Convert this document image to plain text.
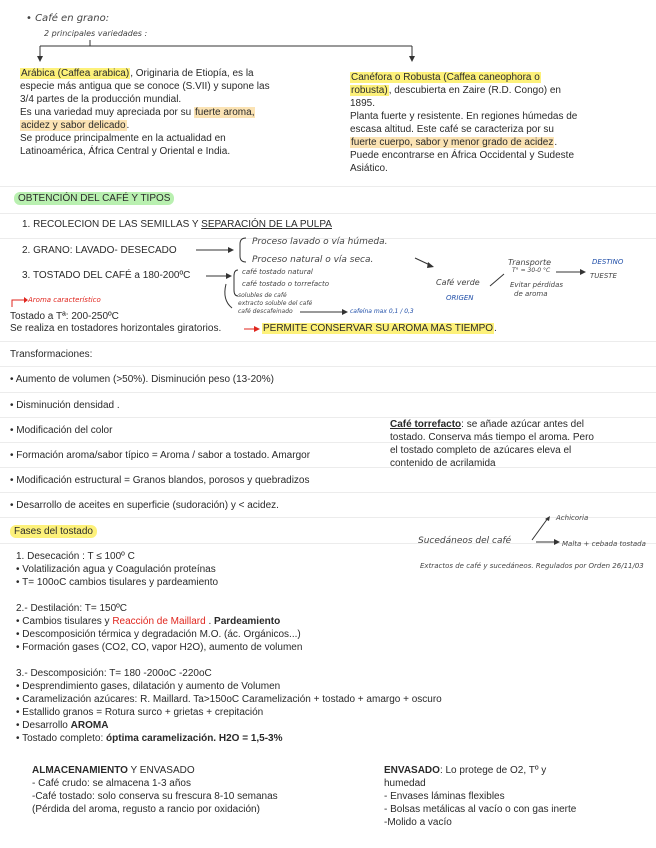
• Café en grano:
2 principales variedades :
Arábica (Caffea arabica), Originaria de Etiopía, es la
especie más antigua que se conoce (S.VII) y supone las
3/4 partes de la producción mundial.
Es una variedad muy apreciada por su fuerte aroma,
acidez y sabor delicado.
Se produce principalmente en la actualidad en
Latinoamérica, África Central y Oriental e India.
Canéfora o Robusta (Caffea caneophora o
robusta), descubierta en Zaire (R.D. Congo) en
1895.
Planta fuerte y resistente. En regiones húmedas de
escasa altitud. Este café se caracteriza por su
fuerte cuerpo, sabor y menor grado de acidez.
Puede encontrarse en África Occidental y Sudeste
Asiático.
OBTENCIÓN DEL CAFÉ Y TIPOS
1. RECOLECION DE LAS SEMILLAS Y SEPARACIÓN DE LA PULPA
2. GRANO: LAVADO- DESECADO
Proceso lavado o vía húmeda.
Proceso natural o vía seca.
3. TOSTADO DEL CAFÉ a 180-200ºC	café tostado natural
café tostado o torrefacto
solubles de café
extracto soluble del café
café descafeinado	cafeína max 0,1 / 0,3
Café verde
ORIGEN
Transporte
T° = 30-0 °C
Evitar pérdidas
de aroma
DESTINO
TUESTE
Aroma característico
Tostado a Tª: 200-250ºC
Se realiza en tostadores horizontales giratorios.	PERMITE CONSERVAR SU AROMA MAS TIEMPO.
Transformaciones:
• Aumento de volumen (>50%). Disminución peso (13-20%)
• Disminución densidad .
• Modificación del color
• Formación aroma/sabor típico = Aroma / sabor a tostado. Amargor
• Modificación estructural = Granos blandos, porosos y quebradizos
• Desarrollo de aceites en superficie (sudoración) y < acidez.
Café torrefacto: se añade azúcar antes del
tostado. Conserva más tiempo el aroma. Pero
el tostado completo de azúcares eleva el
contenido de acrilamida
Fases del tostado
Sucedáneos del café
Achicoria
Malta + cebada tostada
Extractos de café y sucedáneos. Regulados por Orden 26/11/03
1. Desecación : T ≤ 100º C
• Volatilización agua y Coagulación proteínas
• T= 100oC cambios tisulares y pardeamiento
2.- Destilación: T= 150ºC
• Cambios tisulares y Reacción de Maillard . Pardeamiento
• Descomposición térmica y degradación M.O. (ác. Orgánicos...)
• Formación gases (CO2, CO, vapor H2O), aumento de volumen
3.- Descomposición: T= 180 -200oC -220oC
• Desprendimiento gases, dilatación y aumento de Volumen
• Caramelización azúcares: R. Maillard. Ta>150oC Caramelización + tostado + amargo + oscuro
• Estallido granos = Rotura surco + grietas + crepitación
• Desarrollo AROMA
• Tostado completo: óptima caramelización. H2O = 1,5-3%
ALMACENAMIENTO Y ENVASADO
- Café crudo: se almacena 1-3 años
-Café tostado: solo conserva su frescura 8-10 semanas
(Pérdida del aroma, regusto a rancio por oxidación)
ENVASADO: Lo protege de O2, Tº y
humedad
- Envases láminas flexibles
- Bolsas metálicas al vacío o con gas inerte
-Molido a vacío
